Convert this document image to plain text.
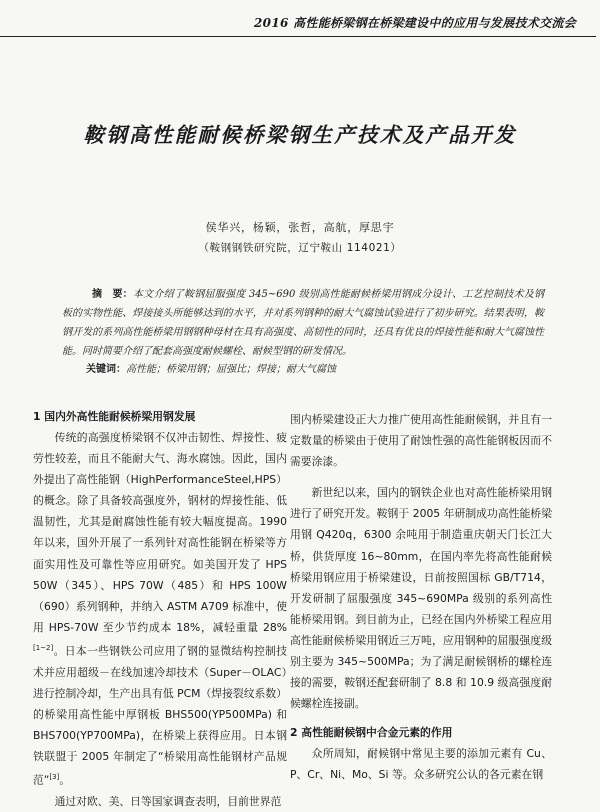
2016 高性能桥梁钢在桥梁建设中的应用与发展技术交流会
鞍钢高性能耐候桥梁钢生产技术及产品开发
侯华兴，杨颖，张哲，高航，厚思宇
（鞍钢钢铁研究院，辽宁鞍山 114021）

摘　要：本文介绍了鞍钢屈服强度 345~690 级别高性能耐候桥梁用钢成分设计、工艺控制技术及钢板的实物性能、焊接接头所能够达到的水平，并对系列钢种的耐大气腐蚀试验进行了初步研究。结果表明，鞍钢开发的系列高性能桥梁用钢钢种母材在具有高强度、高韧性的同时，还具有优良的焊接性能和耐大气腐蚀性能。同时简要介绍了配套高强度耐候螺栓、耐候型钢的研发情况。

关键词：高性能；桥梁用钢；屈强比；焊接；耐大气腐蚀
1 国内外高性能耐候桥梁用钢发展

传统的高强度桥梁钢不仅冲击韧性、焊接性、疲劳性较差，而且不能耐大气、海水腐蚀。因此，国内外提出了高性能钢（HighPerformanceSteel,HPS）的概念。除了具备较高强度外，钢材的焊接性能、低温韧性，尤其是耐腐蚀性能有较大幅度提高。1990 年以来，国外开展了一系列针对高性能钢在桥梁等方面实用性及可靠性等应用研究。如美国开发了 HPS 50W（345）、HPS 70W（485）和 HPS 100W（690）系列钢种，并纳入 ASTM A709 标准中，使用 HPS-70W 至少节约成本 18%，减轻重量 28%[1~2]。日本一些钢铁公司应用了钢的显微结构控制技术并应用超级－在线加速冷却技术（Super－OLAC）进行控制冷却，生产出具有低 PCM（焊接裂纹系数）的桥梁用高性能中厚钢板 BHS500(YP500MPa) 和 BHS700(YP700MPa)，在桥梁上获得应用。日本钢铁联盟于 2005 年制定了“桥梁用高性能钢材产品规范”[3]。

通过对欧、美、日等国家调查表明，目前世界范

围内桥梁建设正大力推广使用高性能耐候钢，并且有一定数量的桥梁由于使用了耐蚀性强的高性能钢板因而不需要涂漆。

新世纪以来，国内的钢铁企业也对高性能桥梁用钢进行了研究开发。鞍钢于 2005 年研制成功高性能桥梁用钢 Q420q，6300 余吨用于制造重庆朝天门长江大桥，供货厚度 16~80mm，在国内率先将高性能耐候桥梁用钢应用于桥梁建设，日前按照国标 GB/T714，开发研制了屈服强度 345~690MPa 级别的系列高性能桥梁用钢。到目前为止，已经在国内外桥梁工程应用高性能耐候桥梁用钢近三万吨，应用钢种的屈服强度级别主要为 345~500MPa；为了满足耐候钢桥的螺栓连接的需要，鞍钢还配套研制了 8.8 和 10.9 级高强度耐候螺栓连接副。

2 高性能耐候钢中合金元素的作用

众所周知，耐候钢中常见主要的添加元素有 Cu、P、Cr、Ni、Mo、Si 等。众多研究公认的各元素在钢
